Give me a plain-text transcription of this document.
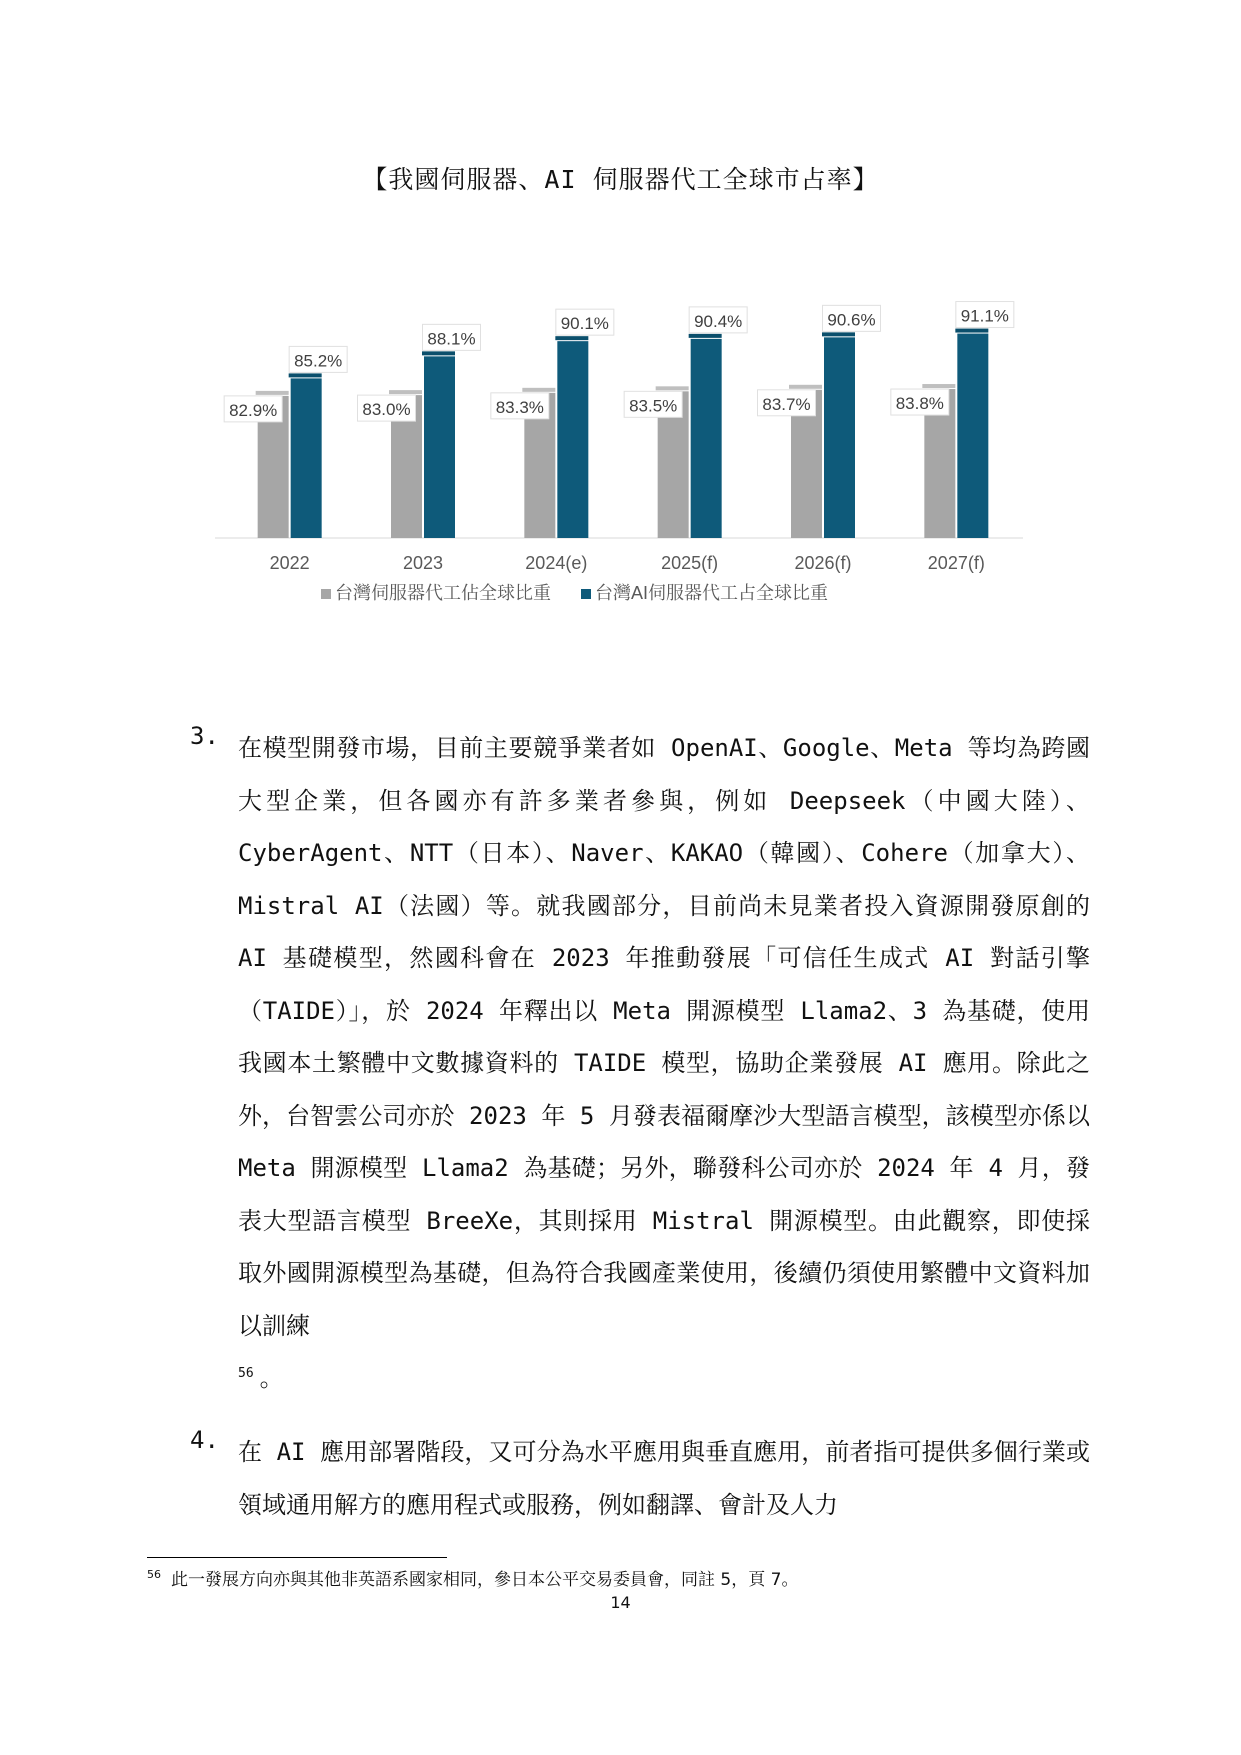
【我國伺服器、AI 伺服器代工全球市占率】
82.9%
85.2%
2022
83.0%
88.1%
2023
83.3%
90.1%
2024(e)
83.5%
90.4%
2025(f)
83.7%
90.6%
2026(f)
83.8%
91.1%
2027(f)
台灣伺服器代工佔全球比重 台灣AI伺服器代工占全球比重
3. 在模型開發市場，目前主要競爭業者如 OpenAI、Google、Meta 等均為跨國大型企業，但各國亦有許多業者參與，例如 Deepseek（中國大陸）、CyberAgent、NTT（日本）、Naver、KAKAO（韓國）、Cohere（加拿大）、Mistral AI（法國）等。就我國部分，目前尚未見業者投入資源開發原創的 AI 基礎模型，然國科會在 2023 年推動發展「可信任生成式 AI 對話引擎（TAIDE）」，於 2024 年釋出以 Meta 開源模型 Llama2、3 為基礎，使用我國本土繁體中文數據資料的 TAIDE 模型，協助企業發展 AI 應用。除此之外，台智雲公司亦於 2023 年 5 月發表福爾摩沙大型語言模型，該模型亦係以 Meta 開源模型 Llama2 為基礎；另外，聯發科公司亦於 2024 年 4 月，發表大型語言模型 BreeXe，其則採用 Mistral 開源模型。由此觀察，即使採取外國開源模型為基礎，但為符合我國產業使用，後續仍須使用繁體中文資料加以訓練
$^{56}$ 。
4. 在 AI 應用部署階段，又可分為水平應用與垂直應用，前者指可提供多個行業或領域通用解方的應用程式或服務，例如翻譯、會計及人力
$^{56}$ 此一發展方向亦與其他非英語系國家相同，參日本公平交易委員會，同註 5，頁 7。
14
